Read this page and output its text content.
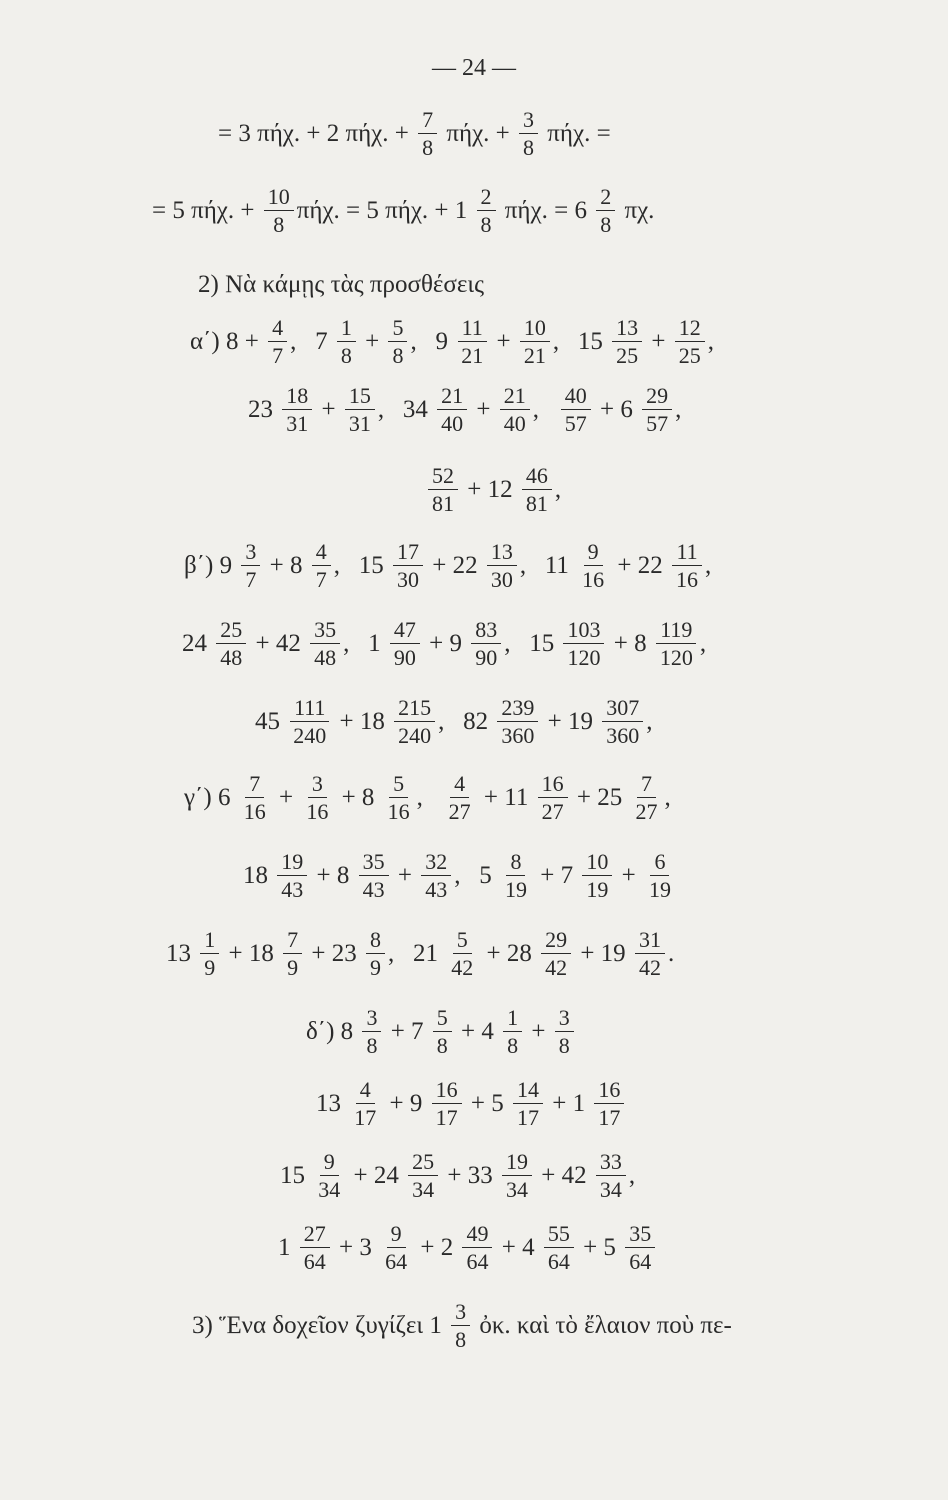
— 24 —
= 3 πήχ. + 2 πήχ. + $\frac{7}{8} \pi ή\chi$. + $\frac{3}{8} \pi ή\chi$. =
= 5 πήχ. + $\frac{10}{8} \pi ή\chi$. = 5 πήχ. + $1 \frac{2}{8} \pi ή\chi$. = $6 \frac{2}{8} \pi\chi$.
2) Νὰ κάμῃς τὰς προσθέσεις
α΄) $8 + \frac{4}{7}$ ,   $7 \frac{1}{8} + \frac{5}{8}$ ,   $9 \frac{11}{21} + \frac{10}{21}$ ,   $15 \frac{13}{25} + \frac{12}{25}$ ,
$23 \frac{18}{31} + \frac{15}{31}$ ,   $34 \frac{21}{40} + \frac{21}{40}$ , $\frac{40}{57} + 6 \frac{29}{57}$ ,
$\frac{52}{81} + 12 \frac{46}{81}$ ,
β΄) $9 \frac{3}{7} + 8 \frac{4}{7}$ ,   $15 \frac{17}{30} + 22 \frac{13}{30}$ ,   $11 \frac{9}{16} + 22 \frac{11}{16}$ ,
$24 \frac{25}{48} + 42 \frac{35}{48}$ ,   $1 \frac{47}{90} + 9 \frac{83}{90}$ ,   $15 \frac{103}{120} + 8 \frac{119}{120}$ ,
$45 \frac{111}{240} + 18 \frac{215}{240}$ ,   $82 \frac{239}{360} + 19 \frac{307}{360}$ ,
γ΄) $6 \frac{7}{16} + \frac{3}{16} + 8 \frac{5}{16}$ , $\frac{4}{27} + 11 \frac{16}{27} + 25 \frac{7}{27}$ ,
$18 \frac{19}{43} + 8 \frac{35}{43} + \frac{32}{43}$ ,   $5 \frac{8}{19} + 7 \frac{10}{19} + \frac{6}{19}$
$13 \frac{1}{9} + 18 \frac{7}{9} + 23 \frac{8}{9}$ ,   $21 \frac{5}{42} + 28 \frac{29}{42} + 19 \frac{31}{42}$ .
δ΄) $8 \frac{3}{8} + 7 \frac{5}{8} + 4 \frac{1}{8} + \frac{3}{8}$
$13 \frac{4}{17} + 9 \frac{16}{17} + 5 \frac{14}{17} + 1 \frac{16}{17}$
$15 \frac{9}{34} + 24 \frac{25}{34} + 33 \frac{19}{34} + 42 \frac{33}{34}$ ,
$1 \frac{27}{64} + 3 \frac{9}{64} + 2 \frac{49}{64} + 4 \frac{55}{64} + 5 \frac{35}{64}$
3) Ἕνα δοχεῖον ζυγίζει $1 \frac{3}{8}$ ὀκ. καὶ τὸ ἔλαιον ποὺ πε-
